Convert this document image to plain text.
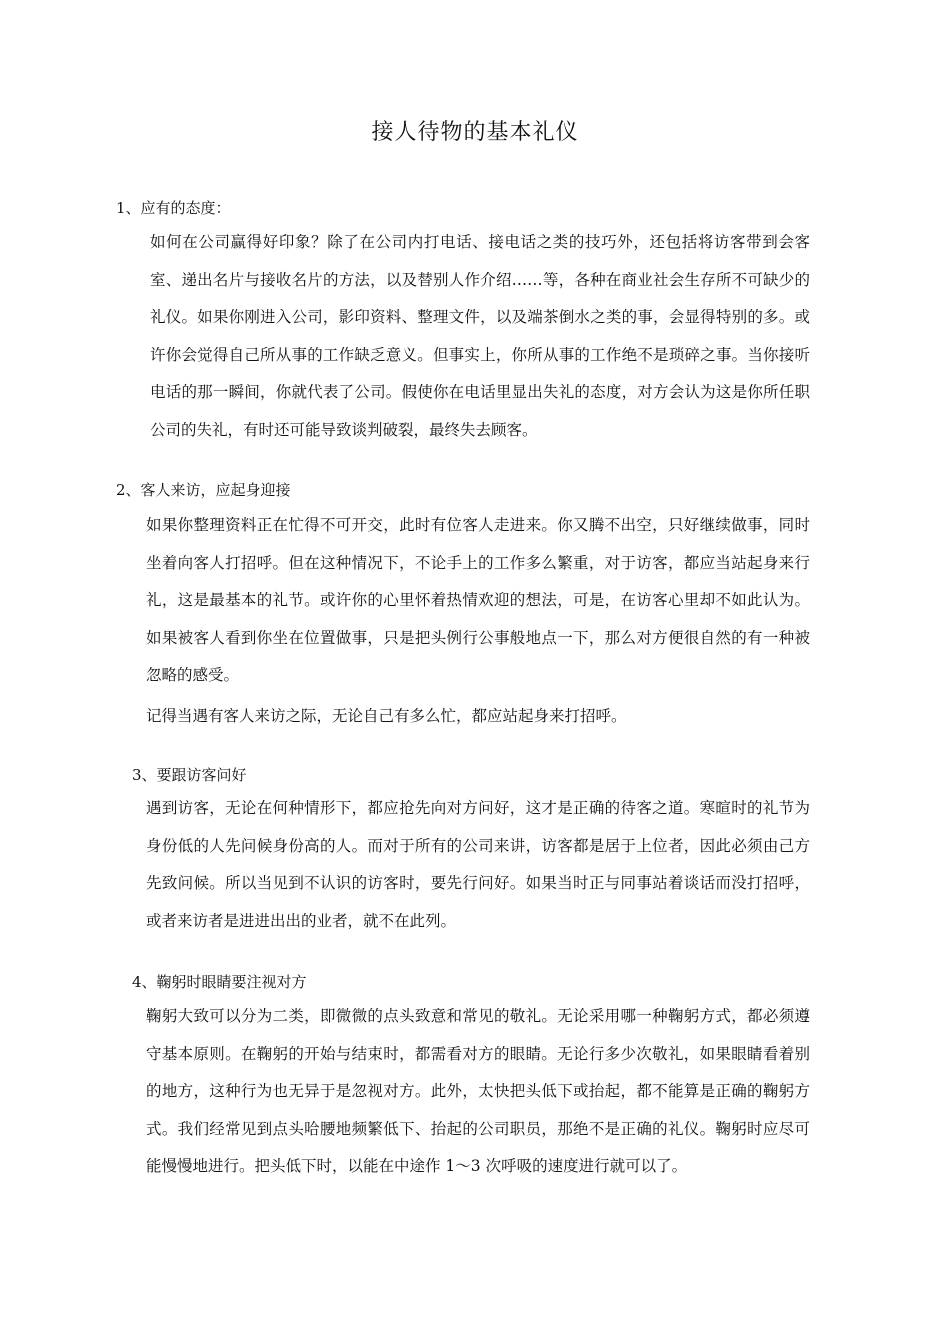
接人待物的基本礼仪
1、应有的态度：

如何在公司赢得好印象？除了在公司内打电话、接电话之类的技巧外，还包括将访客带到会客室、递出名片与接收名片的方法，以及替别人作介绍……等，各种在商业社会生存所不可缺少的礼仪。如果你刚进入公司，影印资料、整理文件，以及端茶倒水之类的事，会显得特别的多。或许你会觉得自己所从事的工作缺乏意义。但事实上，你所从事的工作绝不是琐碎之事。当你接听电话的那一瞬间，你就代表了公司。假使你在电话里显出失礼的态度，对方会认为这是你所任职公司的失礼，有时还可能导致谈判破裂，最终失去顾客。

2、客人来访，应起身迎接

如果你整理资料正在忙得不可开交，此时有位客人走进来。你又腾不出空，只好继续做事，同时坐着向客人打招呼。但在这种情况下，不论手上的工作多么繁重，对于访客，都应当站起身来行礼，这是最基本的礼节。或许你的心里怀着热情欢迎的想法，可是，在访客心里却不如此认为。如果被客人看到你坐在位置做事，只是把头例行公事般地点一下，那么对方便很自然的有一种被忽略的感受。

记得当遇有客人来访之际，无论自己有多么忙，都应站起身来打招呼。

3、要跟访客问好

遇到访客，无论在何种情形下，都应抢先向对方问好，这才是正确的待客之道。寒暄时的礼节为身份低的人先问候身份高的人。而对于所有的公司来讲，访客都是居于上位者，因此必须由己方先致问候。所以当见到不认识的访客时，要先行问好。如果当时正与同事站着谈话而没打招呼，或者来访者是进进出出的业者，就不在此列。

4、鞠躬时眼睛要注视对方

鞠躬大致可以分为二类，即微微的点头致意和常见的敬礼。无论采用哪一种鞠躬方式，都必须遵守基本原则。在鞠躬的开始与结束时，都需看对方的眼睛。无论行多少次敬礼，如果眼睛看着别的地方，这种行为也无异于是忽视对方。此外，太快把头低下或抬起，都不能算是正确的鞠躬方式。我们经常见到点头哈腰地频繁低下、抬起的公司职员，那绝不是正确的礼仪。鞠躬时应尽可能慢慢地进行。把头低下时，以能在中途作 1～3 次呼吸的速度进行就可以了。
